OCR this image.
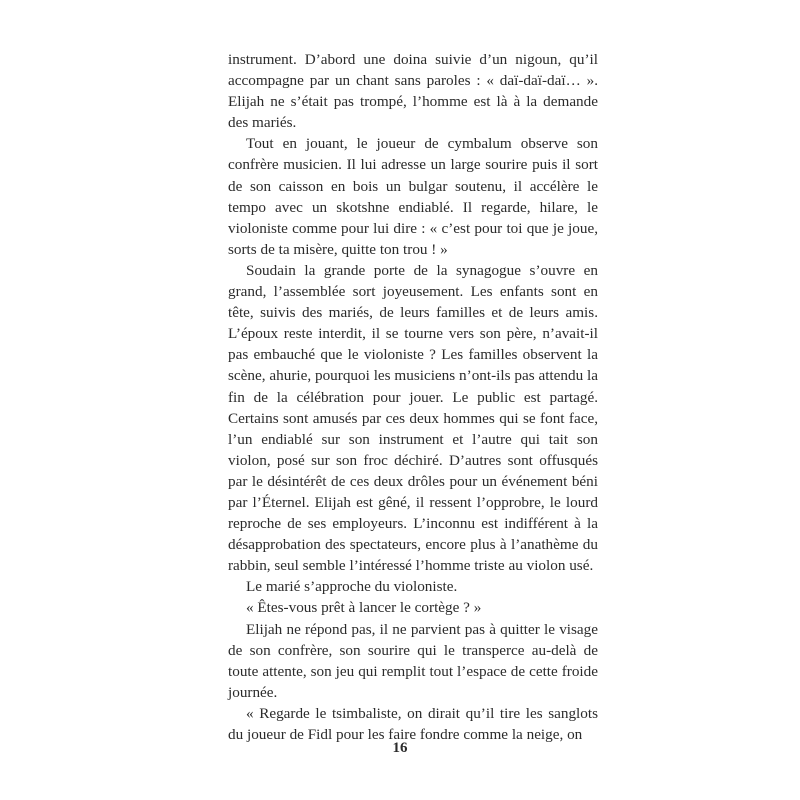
instrument. D’abord une doina suivie d’un nigoun, qu’il accompagne par un chant sans paroles : « daï-daï-daï… ». Elijah ne s’était pas trompé, l’homme est là à la demande des mariés.

Tout en jouant, le joueur de cymbalum observe son confrère musicien. Il lui adresse un large sourire puis il sort de son caisson en bois un bulgar soutenu, il accélère le tempo avec un skotshne endiablé. Il regarde, hilare, le violoniste comme pour lui dire : « c’est pour toi que je joue, sorts de ta misère, quitte ton trou ! »

Soudain la grande porte de la synagogue s’ouvre en grand, l’assemblée sort joyeusement. Les enfants sont en tête, suivis des mariés, de leurs familles et de leurs amis. L’époux reste interdit, il se tourne vers son père, n’avait-il pas embauché que le violoniste ? Les familles observent la scène, ahurie, pourquoi les musiciens n’ont-ils pas attendu la fin de la célébration pour jouer. Le public est partagé. Certains sont amusés par ces deux hommes qui se font face, l’un endiablé sur son instrument et l’autre qui tait son violon, posé sur son froc déchiré. D’autres sont offusqués par le désintérêt de ces deux drôles pour un événement béni par l’Éternel. Elijah est gêné, il ressent l’opprobre, le lourd reproche de ses employeurs. L’inconnu est indifférent à la désapprobation des spectateurs, encore plus à l’anathème du rabbin, seul semble l’intéressé l’homme triste au violon usé.

Le marié s’approche du violoniste.

« Êtes-vous prêt à lancer le cortège ? »

Elijah ne répond pas, il ne parvient pas à quitter le visage de son confrère, son sourire qui le transperce au-delà de toute attente, son jeu qui remplit tout l’espace de cette froide journée.

« Regarde le tsimbaliste, on dirait qu’il tire les sanglots du joueur de Fidl pour les faire fondre comme la neige, on

16
